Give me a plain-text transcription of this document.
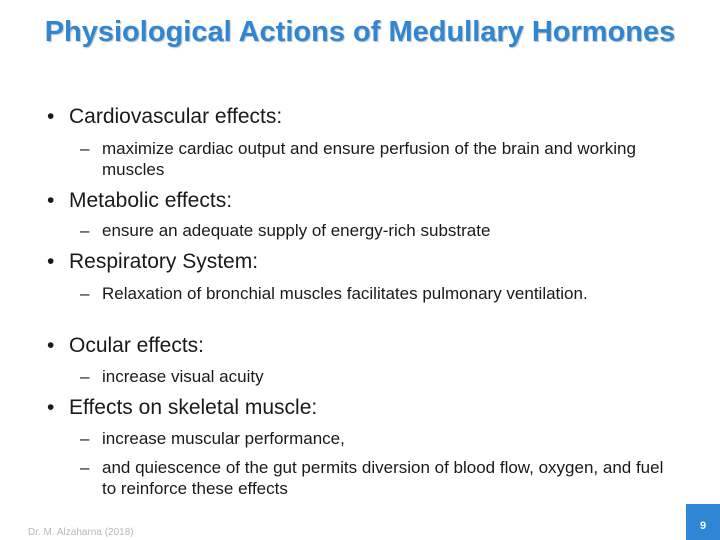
Physiological Actions of Medullary Hormones
• Cardiovascular effects:
– maximize cardiac output and ensure perfusion of the brain and working muscles
• Metabolic effects:
– ensure an adequate supply of energy-rich substrate
• Respiratory System:
– Relaxation of bronchial muscles facilitates pulmonary ventilation.
• Ocular effects:
– increase visual acuity
• Effects on skeletal muscle:
– increase muscular performance,
– and quiescence of the gut permits diversion of blood flow, oxygen, and fuel to reinforce these effects
Dr. M. Alzaharna (2018)
9
